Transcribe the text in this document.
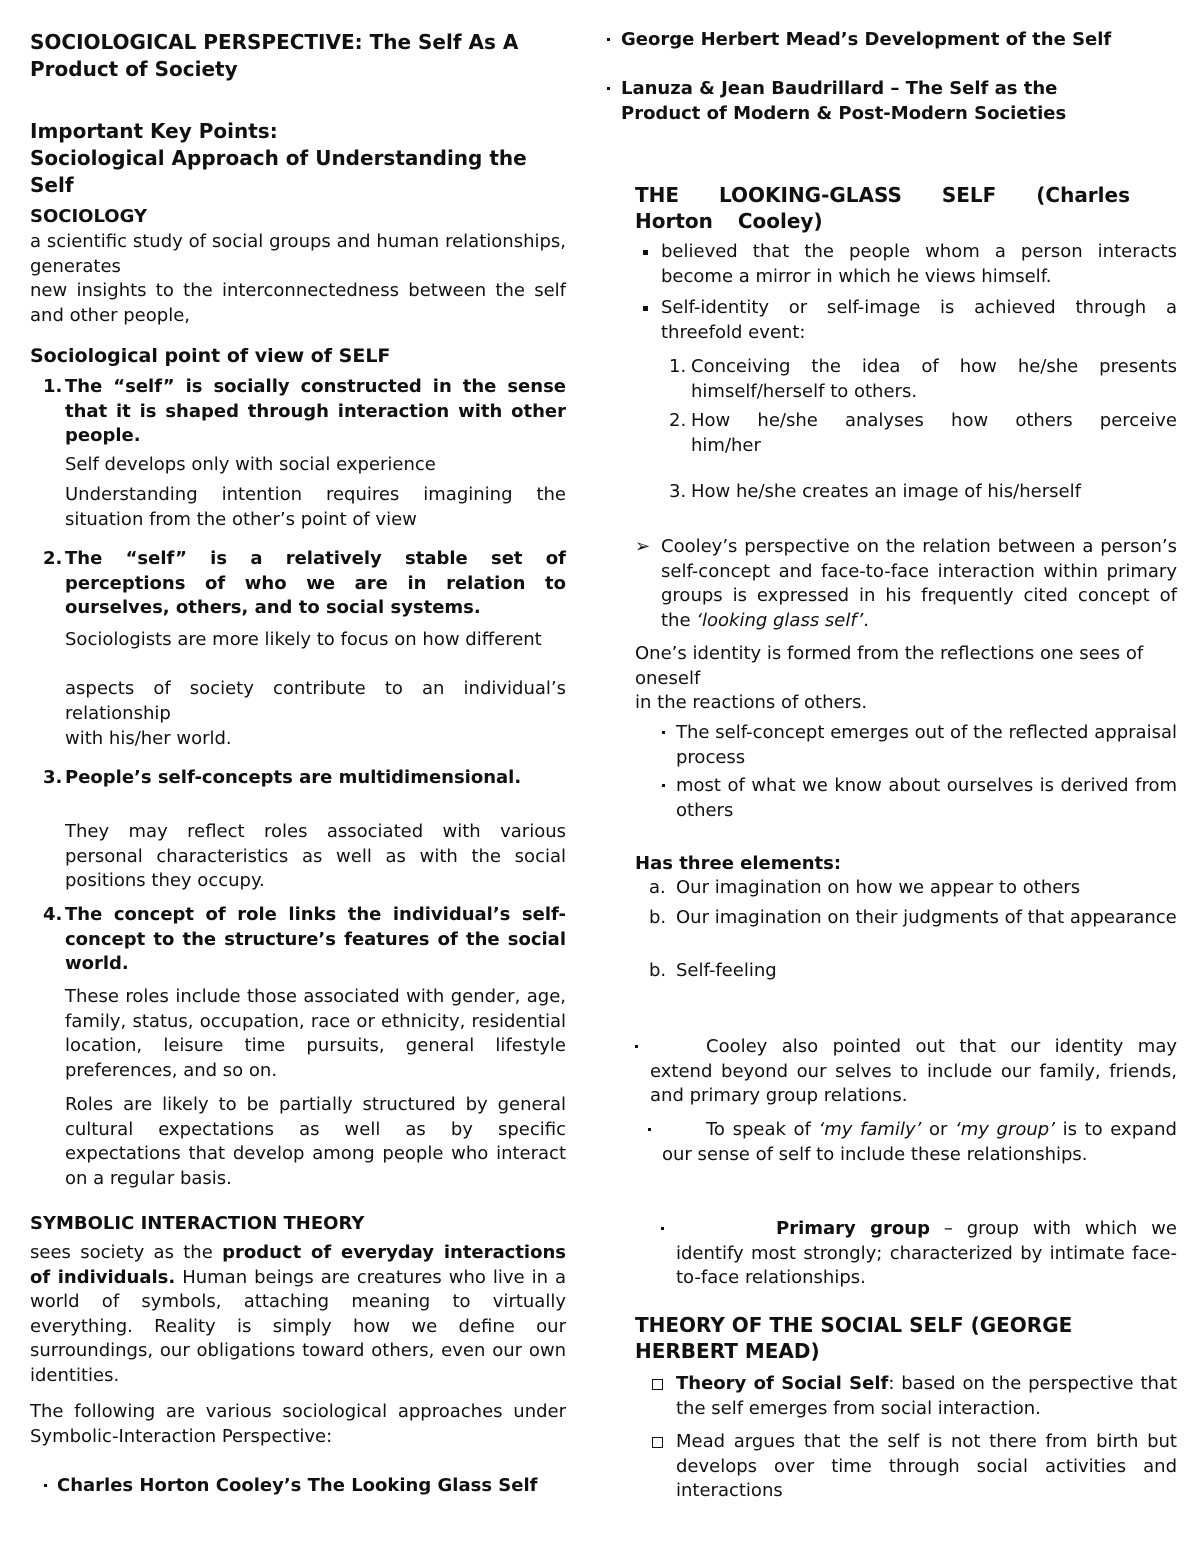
SOCIOLOGICAL PERSPECTIVE: The Self As A Product of Society

Important Key Points:

Sociological Approach of Understanding the Self

SOCIOLOGY

a scientific study of social groups and human relationships, generates

new insights to the interconnectedness between the self and other people,

Sociological point of view of SELF

1. The “self” is socially constructed in the sense that it is shaped through interaction with other people.

Self develops only with social experience

Understanding intention requires imagining the situation from the other’s point of view

2. The “self” is a relatively stable set of perceptions of who we are in relation to ourselves, others, and to social systems.

Sociologists are more likely to focus on how different

aspects of society contribute to an individual’s relationship

with his/her world.

3. People’s self-concepts are multidimensional.

They may reflect roles associated with various personal characteristics as well as with the social positions they occupy.

4. The concept of role links the individual’s self-concept to the structure’s features of the social world.

These roles include those associated with gender, age, family, status, occupation, race or ethnicity, residential location, leisure time pursuits, general lifestyle preferences, and so on.

Roles are likely to be partially structured by general cultural expectations as well as by specific expectations that develop among people who interact on a regular basis.

SYMBOLIC INTERACTION THEORY

sees society as the product of everyday interactions of individuals. Human beings are creatures who live in a world of symbols, attaching meaning to virtually everything. Reality is simply how we define our surroundings, our obligations toward others, even our own identities.

The following are various sociological approaches under Symbolic-Interaction Perspective:

Charles Horton Cooley’s The Looking Glass Self

George Herbert Mead’s Development of the Self

Lanuza & Jean Baudrillard – The Self as the Product of Modern & Post-Modern Societies

THE LOOKING-GLASS SELF (Charles Horton Cooley)

believed that the people whom a person interacts become a mirror in which he views himself.

Self-identity or self-image is achieved through a threefold event:

1. Conceiving the idea of how he/she presents himself/herself to others.

2. How he/she analyses how others perceive him/her

3. How he/she creates an image of his/herself

➢ Cooley’s perspective on the relation between a person’s self-concept and face-to-face interaction within primary groups is expressed in his frequently cited concept of the ‘looking glass self’.

One’s identity is formed from the reflections one sees of oneself

in the reactions of others.

The self-concept emerges out of the reflected appraisal process

most of what we know about ourselves is derived from others

Has three elements:

a. Our imagination on how we appear to others

b. Our imagination on their judgments of that appearance

b. Self-feeling

Cooley also pointed out that our identity may extend beyond our selves to include our family, friends, and primary group relations.

To speak of ‘my family’ or ‘my group’ is to expand our sense of self to include these relationships.

Primary group – group with which we identify most strongly; characterized by intimate face-to-face relationships.

THEORY OF THE SOCIAL SELF (GEORGE HERBERT MEAD)

Theory of Social Self: based on the perspective that the self emerges from social interaction.

Mead argues that the self is not there from birth but develops over time through social activities and interactions
